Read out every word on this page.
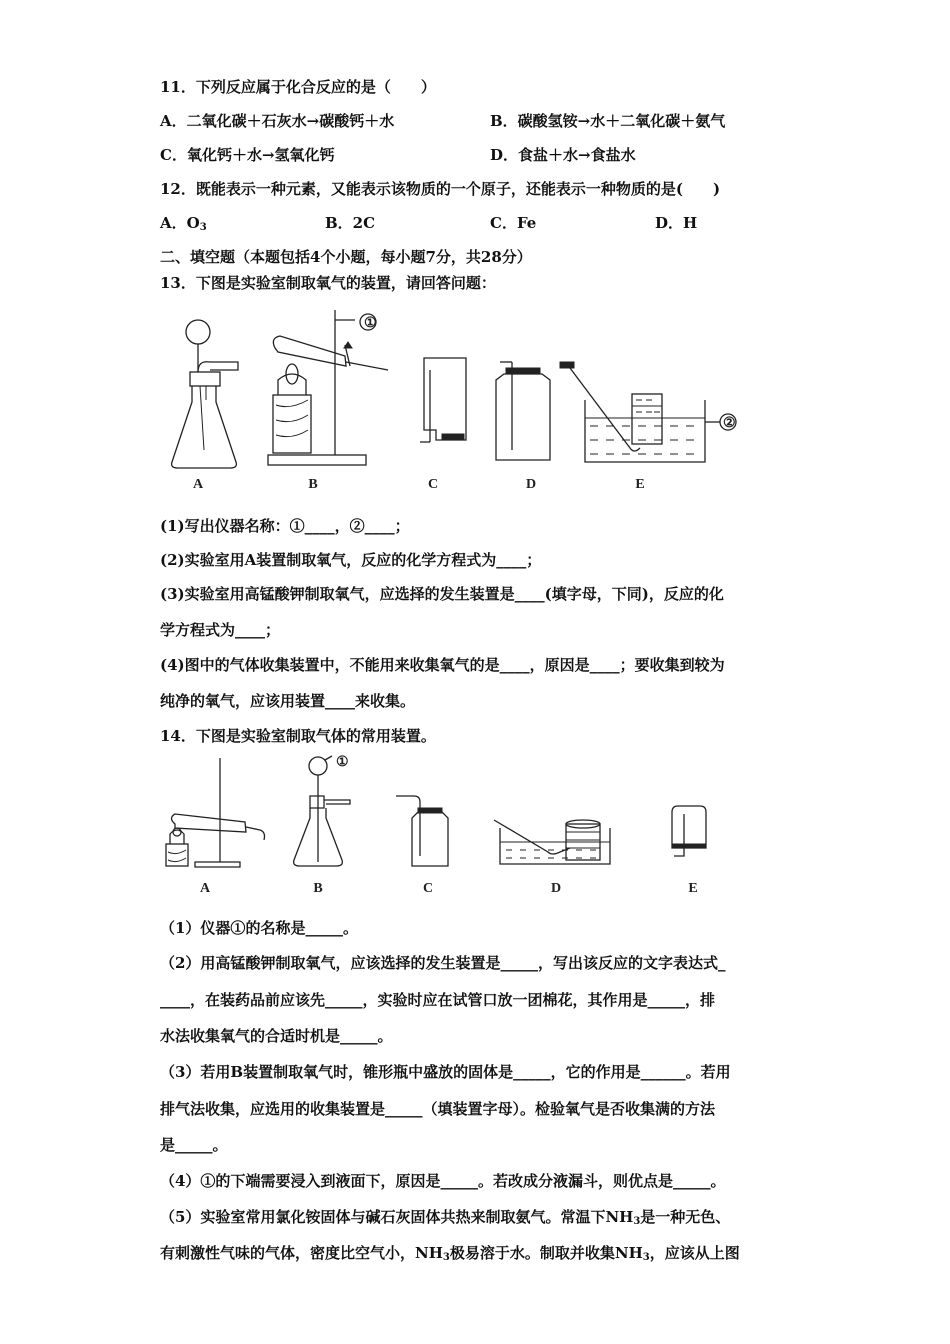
11．下列反应属于化合反应的是（　　）
A．二氧化碳＋石灰水→碳酸钙＋水	B．碳酸氢铵→水＋二氧化碳＋氨气
C．氧化钙＋水→氢氧化钙	D．食盐＋水→食盐水
12．既能表示一种元素，又能表示该物质的一个原子，还能表示一种物质的是(　　)
A．$O_3$	B．2C	C．Fe	D．H
二、填空题（本题包括4个小题，每小题7分，共28分）
13．下图是实验室制取氧气的装置，请回答问题：
①
②
A	B	C	D	E
(1)写出仪器名称：①____，②____；
(2)实验室用A装置制取氧气，反应的化学方程式为____；
(3)实验室用高锰酸钾制取氧气，应选择的发生装置是____(填字母，下同)，反应的化
学方程式为____；
(4)图中的气体收集装置中，不能用来收集氧气的是____，原因是____；要收集到较为
纯净的氧气，应该用装置____来收集。
14．下图是实验室制取气体的常用装置。
①
A	B	C	D	E
（1）仪器①的名称是_____。
（2）用高锰酸钾制取氧气，应该选择的发生装置是_____，写出该反应的文字表达式_
____，在装药品前应该先_____，实验时应在试管口放一团棉花，其作用是_____，排
水法收集氧气的合适时机是_____。
（3）若用B装置制取氧气时，锥形瓶中盛放的固体是_____，它的作用是______。若用
排气法收集，应选用的收集装置是_____（填装置字母）。检验氧气是否收集满的方法
是_____。
（4）①的下端需要浸入到液面下，原因是_____。若改成分液漏斗，则优点是_____。
（5）实验室常用氯化铵固体与碱石灰固体共热来制取氨气。常温下$NH_3$是一种无色、
有刺激性气味的气体，密度比空气小，$NH_3$极易溶于水。制取并收集$NH_3$，应该从上图
